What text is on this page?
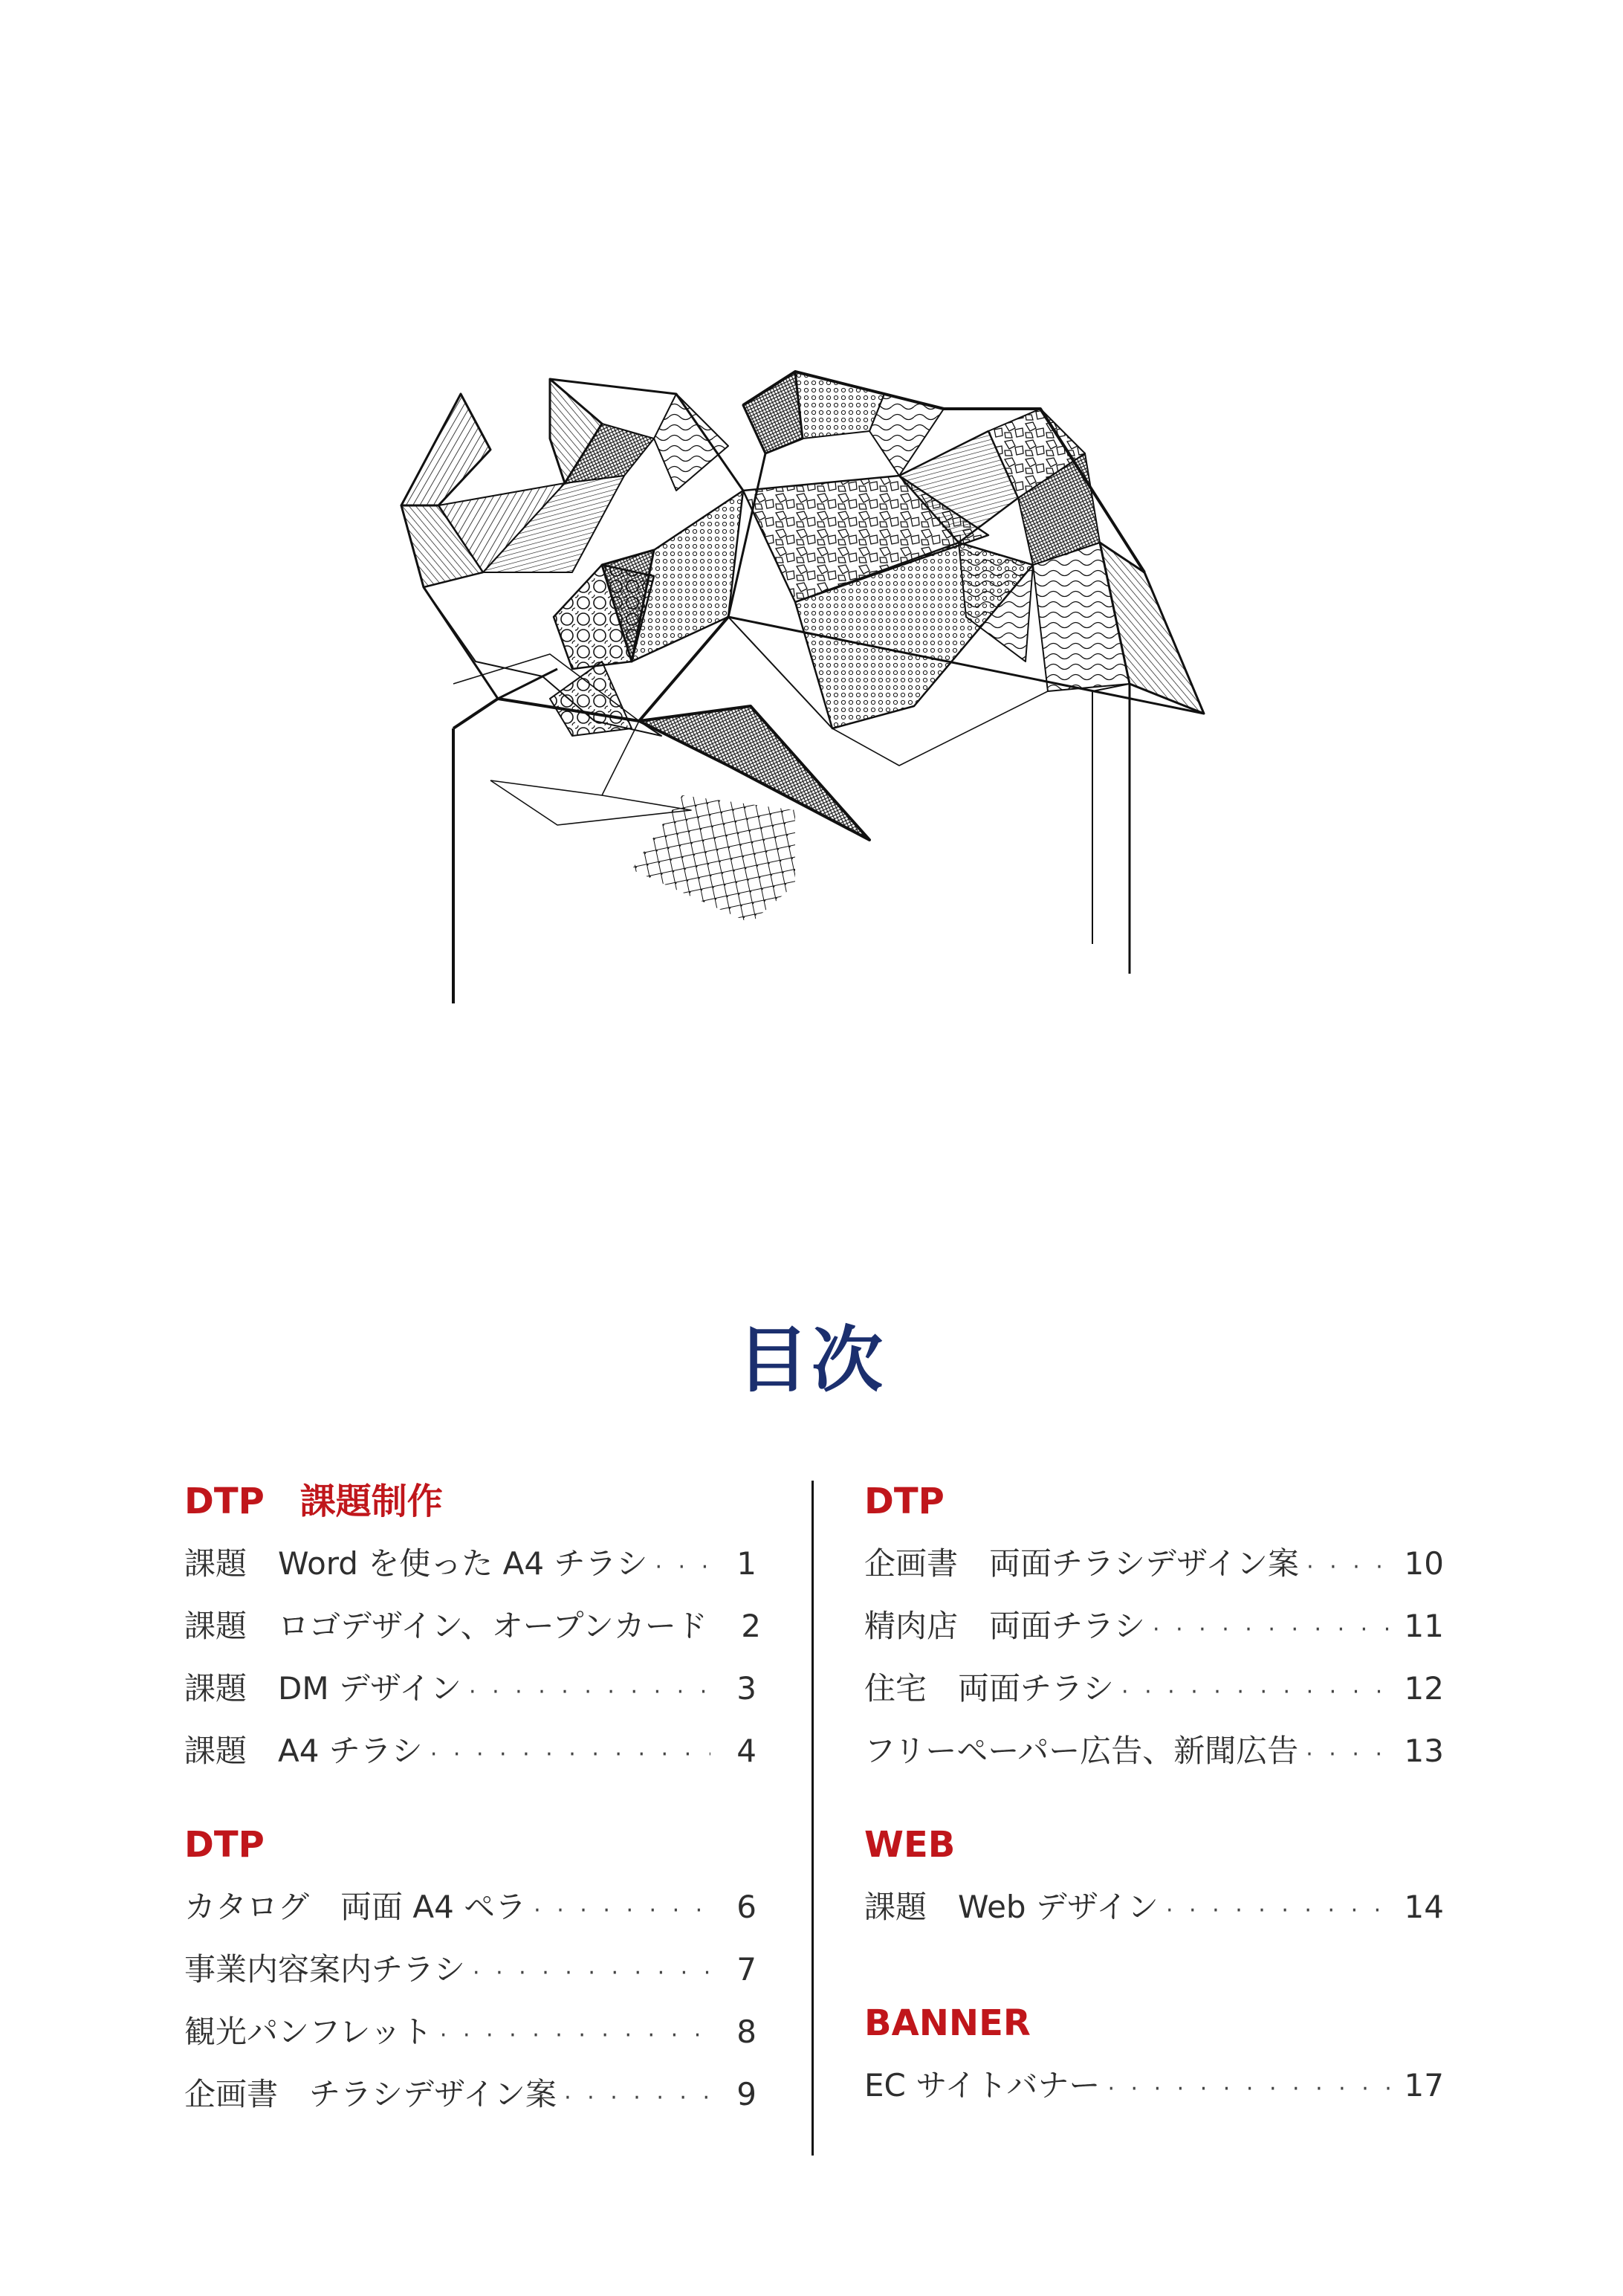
目次
DTP　課題制作
課題　Word を使った A4 チラシ · · ·	1
課題　ロゴデザイン、オープンカード	2
課題　DM デザイン · · ·	3
課題　A4 チラシ · · ·	4
DTP
カタログ　両面 A4 ペラ · · ·	6
事業内容案内チラシ · · ·	7
観光パンフレット · · ·	8
企画書　チラシデザイン案 · · ·	9
DTP
企画書　両面チラシデザイン案 · · ·	10
精肉店　両面チラシ · · ·	11
住宅　両面チラシ · · ·	12
フリーペーパー広告、新聞広告 · · ·	13
WEB
課題　Web デザイン · · ·	14
BANNER
EC サイトバナー · · ·	17
